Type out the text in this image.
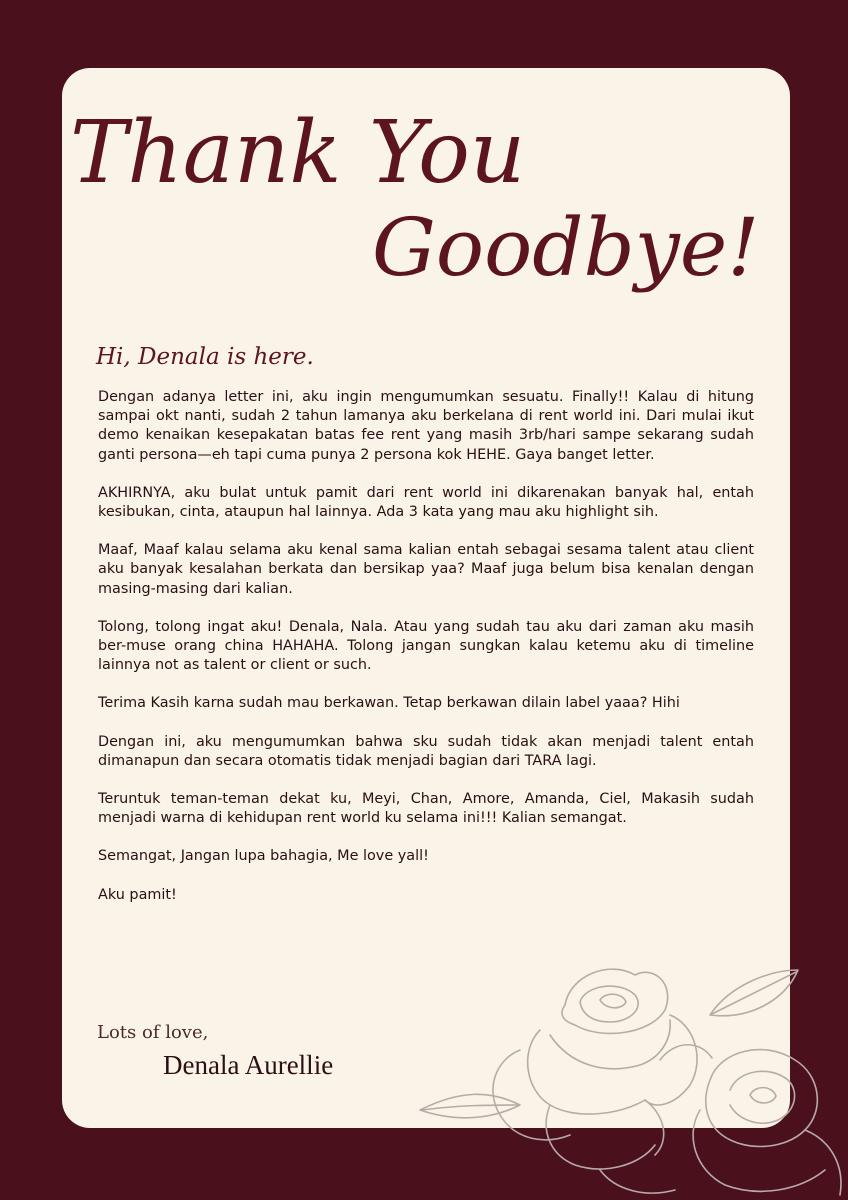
Thank You
Goodbye!
Hi, Denala is here.

Dengan adanya letter ini, aku ingin mengumumkan sesuatu. Finally!! Kalau di hitung sampai okt nanti, sudah 2 tahun lamanya aku berkelana di rent world ini. Dari mulai ikut demo kenaikan kesepakatan batas fee rent yang masih 3rb/hari sampe sekarang sudah ganti persona—eh tapi cuma punya 2 persona kok HEHE. Gaya banget letter.

AKHIRNYA, aku bulat untuk pamit dari rent world ini dikarenakan banyak hal, entah kesibukan, cinta, ataupun hal lainnya. Ada 3 kata yang mau aku highlight sih.

Maaf, Maaf kalau selama aku kenal sama kalian entah sebagai sesama talent atau client aku banyak kesalahan berkata dan bersikap yaa? Maaf juga belum bisa kenalan dengan masing-masing dari kalian.

Tolong, tolong ingat aku! Denala, Nala. Atau yang sudah tau aku dari zaman aku masih ber-muse orang china HAHAHA. Tolong jangan sungkan kalau ketemu aku di timeline lainnya not as talent or client or such.

Terima Kasih karna sudah mau berkawan. Tetap berkawan dilain label yaaa? Hihi

Dengan ini, aku mengumumkan bahwa sku sudah tidak akan menjadi talent entah dimanapun dan secara otomatis tidak menjadi bagian dari TARA lagi.

Teruntuk teman-teman dekat ku, Meyi, Chan, Amore, Amanda, Ciel, Makasih sudah menjadi warna di kehidupan rent world ku selama ini!!! Kalian semangat.

Semangat, Jangan lupa bahagia, Me love yall!

Aku pamit!

Lots of love,
Denala Aurellie
